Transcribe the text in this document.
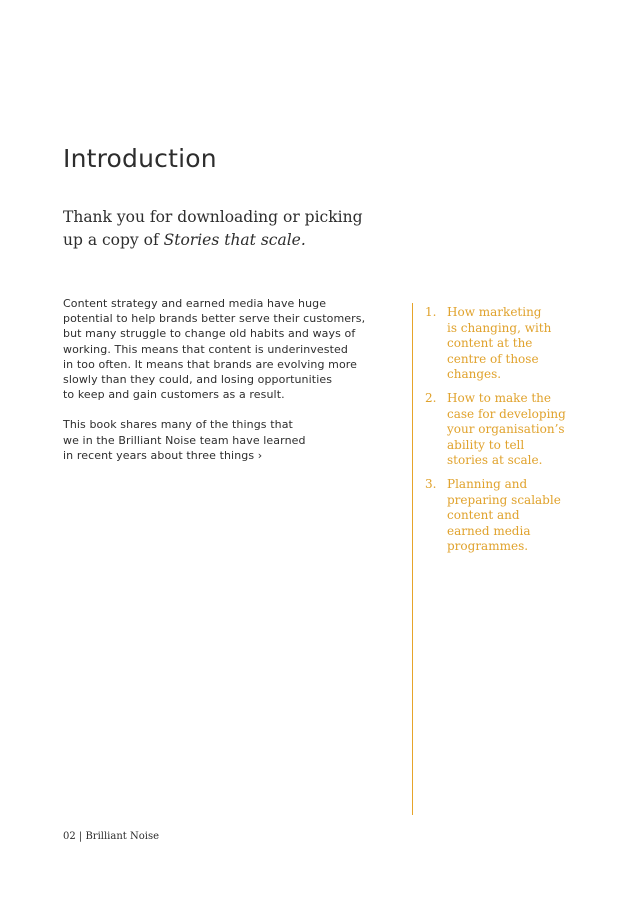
Introduction

Thank you for downloading or picking
up a copy of Stories that scale.

Content strategy and earned media have huge
potential to help brands better serve their customers,
but many struggle to change old habits and ways of
working. This means that content is underinvested
in too often. It means that brands are evolving more
slowly than they could, and losing opportunities
to keep and gain customers as a result.

This book shares many of the things that
we in the Brilliant Noise team have learned
in recent years about three things ›

1. How marketing
is changing, with
content at the
centre of those
changes.
2. How to make the
case for developing
your organisation’s
ability to tell
stories at scale.
3. Planning and
preparing scalable
content and
earned media
programmes.
02 | Brilliant Noise
